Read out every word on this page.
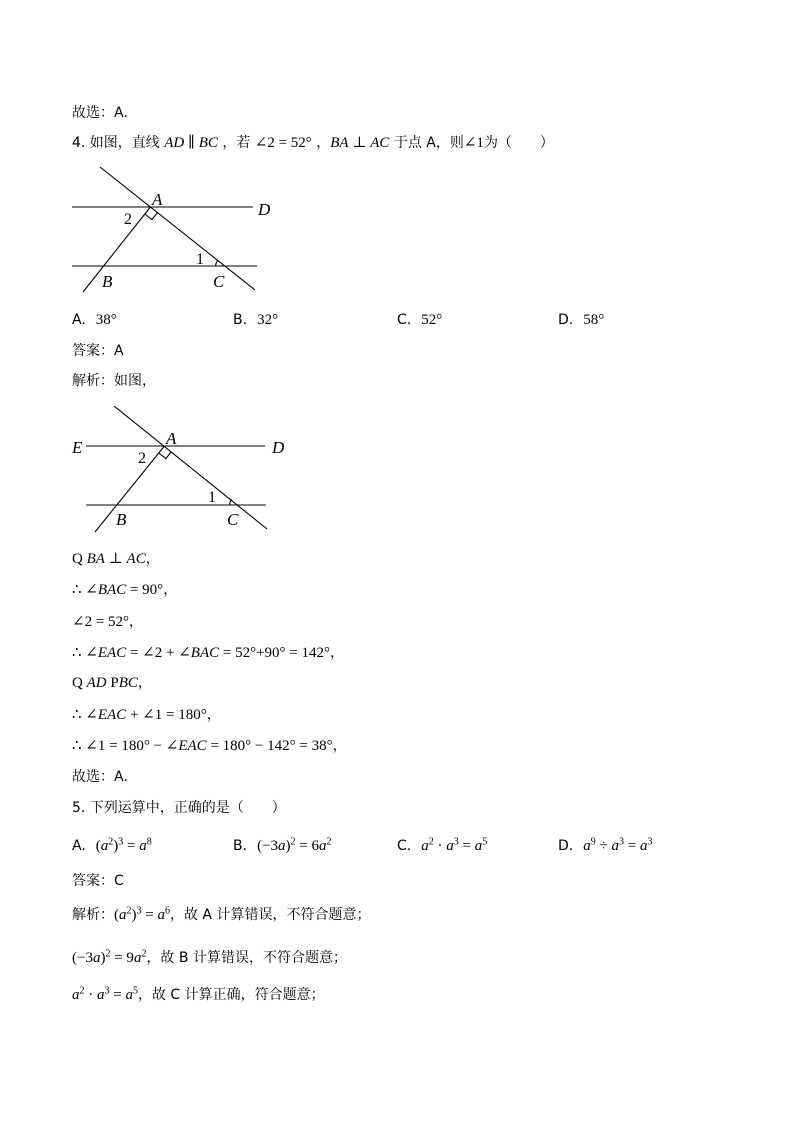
故选：A．
4. 如图，直线 AD ∥ BC ，若 ∠2 = 52° ，BA ⊥ AC 于点 A，则∠1为（　　）
A
D
2
1
B	C
A. 38°	B. 32°	C. 52°	D. 58°
答案：A
解析：如图，
E	A	D
2
1
B	C
Q BA ⊥ AC，
∴ ∠BAC = 90°，
∠2 = 52°，
∴ ∠EAC = ∠2 + ∠BAC = 52°+90° = 142°，
Q AD PBC，
∴ ∠EAC + ∠1 = 180°，
∴ ∠1 = 180° − ∠EAC = 180° − 142° = 38°，
故选：A．
5. 下列运算中，正确的是（　　）
A. $(a^2)^3 = a^8$	B. $(-3a)^2 = 6a^2$	C. $a^2 \cdot a^3 = a^5$	D. $a^9 \div a^3 = a^3$
答案：C
解析：$(a^2)^3 = a^6$，故 A 计算错误，不符合题意；
$(-3a)^2 = 9a^2$，故 B 计算错误，不符合题意；
$a^2 \cdot a^3 = a^5$，故 C 计算正确，符合题意；
